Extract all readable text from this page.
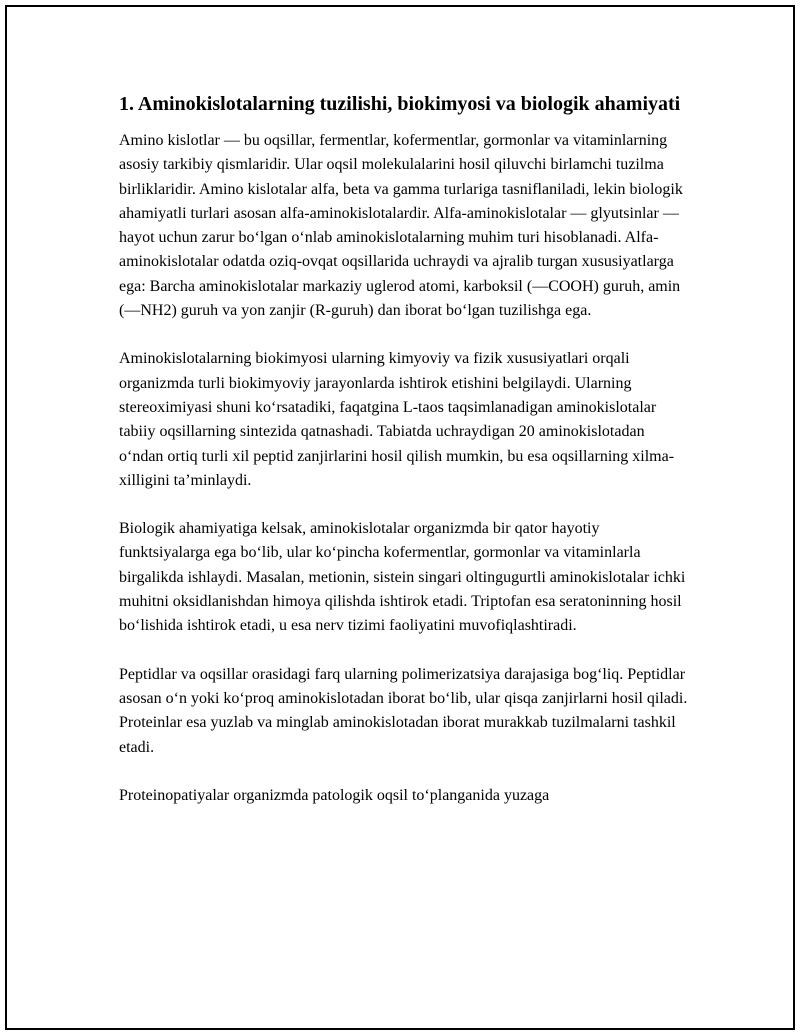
1. Aminokislotalarning tuzilishi, biokimyosi va biologik ahamiyati

Amino kislotlar — bu oqsillar, fermentlar, kofermentlar, gormonlar va vitaminlarning asosiy tarkibiy qismlaridir. Ular oqsil molekulalarini hosil qiluvchi birlamchi tuzilma birliklaridir. Amino kislotalar alfa, beta va gamma turlariga tasniflaniladi, lekin biologik ahamiyatli turlari asosan alfa-aminokislotalardir. Alfa-aminokislotalar — glyutsinlar — hayot uchun zarur bo‘lgan o‘nlab aminokislotalarning muhim turi hisoblanadi. Alfa-aminokislotalar odatda oziq-ovqat oqsillarida uchraydi va ajralib turgan xususiyatlarga ega: Barcha aminokislotalar markaziy uglerod atomi, karboksil (—COOH) guruh, amin (—NH2) guruh va yon zanjir (R-guruh) dan iborat bo‘lgan tuzilishga ega.

Aminokislotalarning biokimyosi ularning kimyoviy va fizik xususiyatlari orqali organizmda turli biokimyoviy jarayonlarda ishtirok etishini belgilaydi. Ularning stereoximiyasi shuni ko‘rsatadiki, faqatgina L-taos taqsimlanadigan aminokislotalar tabiiy oqsillarning sintezida qatnashadi. Tabiatda uchraydigan 20 aminokislotadan o‘ndan ortiq turli xil peptid zanjirlarini hosil qilish mumkin, bu esa oqsillarning xilma-xilligini ta’minlaydi.

Biologik ahamiyatiga kelsak, aminokislotalar organizmda bir qator hayotiy funktsiyalarga ega bo‘lib, ular ko‘pincha kofermentlar, gormonlar va vitaminlarla birgalikda ishlaydi. Masalan, metionin, sistein singari oltingugurtli aminokislotalar ichki muhitni oksidlanishdan himoya qilishda ishtirok etadi. Triptofan esa seratoninning hosil bo‘lishida ishtirok etadi, u esa nerv tizimi faoliyatini muvofiqlashtiradi.

Peptidlar va oqsillar orasidagi farq ularning polimerizatsiya darajasiga bog‘liq. Peptidlar asosan o‘n yoki ko‘proq aminokislotadan iborat bo‘lib, ular qisqa zanjirlarni hosil qiladi. Proteinlar esa yuzlab va minglab aminokislotadan iborat murakkab tuzilmalarni tashkil etadi.

Proteinopatiyalar organizmda patologik oqsil to‘planganida yuzaga
